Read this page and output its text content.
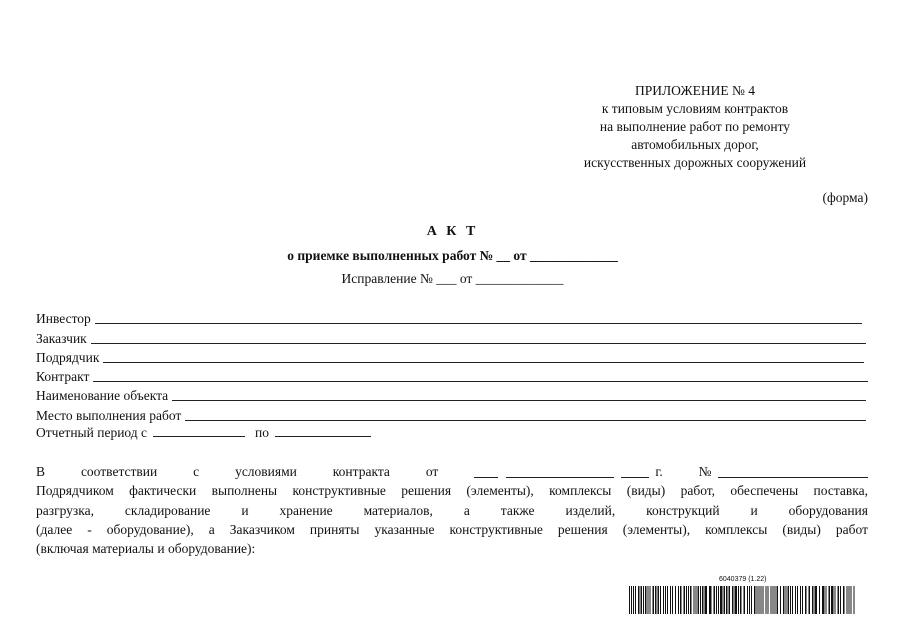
ПРИЛОЖЕНИЕ № 4
к типовым условиям контрактов
на выполнение работ по ремонту
автомобильных дорог,
искусственных дорожных сооружений
(форма)
А К Т
о приемке выполненных работ № __ от _____________
Исправление № ___ от _____________
Инвестор
Заказчик
Подрядчик
Контракт
Наименование объекта
Место выполнения работ
Отчетный период с	по
В	соответствии	с	условиями	контракта	от	г.	№
Подрядчиком фактически выполнены конструктивные решения (элементы), комплексы (виды) работ, обеспечены поставка,
разгрузка, складирование и хранение материалов, а также изделий, конструкций и оборудования
(далее - оборудование), а Заказчиком приняты указанные конструктивные решения (элементы), комплексы (виды) работ
(включая материалы и оборудование):
6040379 (1.22)
